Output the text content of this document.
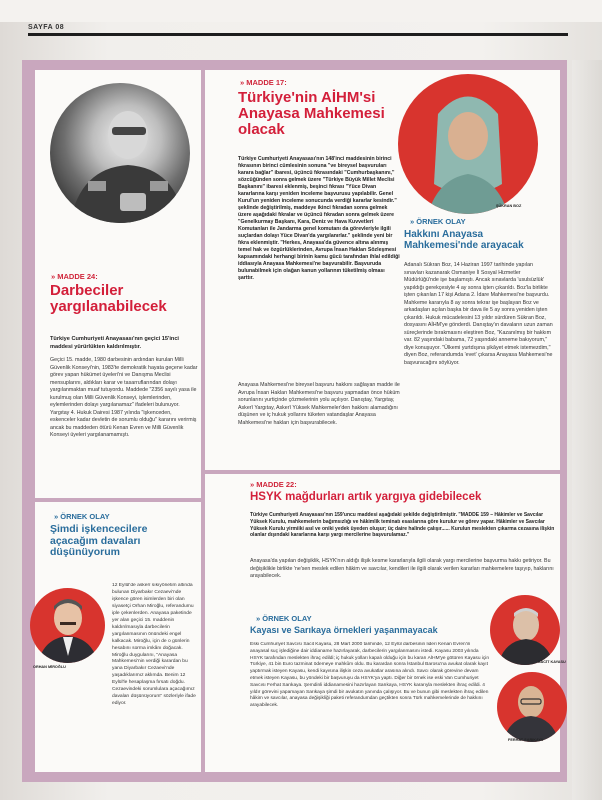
SAYFA 08
» MADDE 24:
Darbeciler yargılanabilecek
Türkiye Cumhuriyeti Anayasası'nın geçici 15'inci maddesi yürürlükten kaldırılmıştır.
Geçici 15. madde, 1980 darbesinin ardından kurulan Milli Güvenlik Konseyi'nin, 1983'te demokratik hayata geçene kadar görev yapan hükümet üyeleri'ni ve Danışma Meclisi mensuplarını, aldıkları karar ve tasarruflarından dolayı yargılanmaktan muaf tutuyordu. Maddede "2356 sayılı yasa ile kurulmuş olan Milli Güvenlik Konseyi, işlemlerinden, eylemlerinden dolayı yargılanamaz" ifadeleri bulunuyor. Yargıtay 4. Hukuk Dairesi 1987 yılında "işkenceden, eskenceler kadar devletin de sorumlu olduğu" kararını verirmiş ancak bu maddeden ötürü Kenan Evren ve Milli Güvenlik Konseyi üyeleri yargılanamamıştı.
» ÖRNEK OLAY
Şimdi işkencecilere açacağım davaları düşünüyorum
ORHAN MİROĞLU
12 Eylül'de askerî sıkıyönetim altında bulunan Diyarbakır Cezaevi'nde işkence gören isimlerden biri olan siyasetçi Orhan Miroğlu, referandumu iple çekenlerden. Anayasa paketinde yer alan geçici 15. maddenin kaldırılmasıyla darbecilerin yargılanmasının önündeki engel kalkacak. Miroğlu, için de o günlerin hesabını sorma imkânı doğacak. Miroğlu duygularını, "Anayasa Mahkemesi'nin verdiği karardan bu yana Diyarbakır Cezaevi'nde yaşadıklarımız aklımda. Benim 12 Eylül'le hesaplaşma fırsatı doğdu. Cezaevindeki sorumlulara açacağımız davaları düşünüyorum" sözleriyle ifade ediyor.
» MADDE 17:
Türkiye'nin AİHM'si Anayasa Mahkemesi olacak
Türkiye Cumhuriyeti Anayasası'nın 148'inci maddesinin birinci fıkrasının birinci cümlesinin sonuna "ve bireysel başvuruları karara bağlar" ibaresi, üçüncü fıkrasındaki "Cumhurbaşkanını," sözcüğünden sonra gelmek üzere "Türkiye Büyük Millet Meclisi Başkanını" ibaresi eklenmiş, beşinci fıkrası "Yüce Divan kararlarına karşı yeniden inceleme başvurusu yapılabilir. Genel Kurul'un yeniden inceleme sonucunda verdiği kararlar kesindir." şeklinde değiştirilmiş, maddeye ikinci fıkradan sonra gelmek üzere aşağıdaki fıkralar ve üçüncü fıkradan sonra gelmek üzere "Genelkurmay Başkanı, Kara, Deniz ve Hava Kuvvetleri Komutanları ile Jandarma genel komutanı da görevleriyle ilgili suçlardan dolayı Yüce Divan'da yargılanırlar." şeklinde yeni bir fıkra eklenmiştir. "Herkes, Anayasa'da güvence altına alınmış temel hak ve özgürlüklerinden, Avrupa İnsan Hakları Sözleşmesi kapsamındaki herhangi birinin kamu gücü tarafından ihlal edildiği iddiasıyla Anayasa Mahkemesi'ne başvurabilir. Başvuruda bulunabilmek için olağan kanun yollarının tüketilmiş olması şarttır.
Anayasa Mahkemesi'ne bireysel başvuru hakkını sağlayan madde ile Avrupa İnsan Hakları Mahkemesi'ne başvuru yapmadan önce hüküm sorunlarını yurtiçinde çözmelerinin yolu açılıyor. Danıştay, Yargıtay, Askerî Yargıtay, Askerî Yüksek Mahkemeler'den hakkını alamadığını düşünen ve iç hukuk yollarını tüketen vatandaşlar Anayasa Mahkemesi'ne hakları için başvurabilecek.
ŞÜKRAN BOZ
» ÖRNEK OLAY
Hakkını Anayasa Mahkemesi'nde arayacak
Adanalı Sükran Boz, 14 Haziran 1997 tarihinde yapılan sınavları kazanarak Osmaniye İl Sosyal Hizmetler Müdürlüğü'nde işe başlamıştı. Ancak sınavlarda 'usulsüzlük' yapıldığı gerekçesiyle 4 ay sonra işten çıkarıldı. Boz'la birlikte işten çıkarılan 17 kişi Adana 2. İdare Mahkemesi'ne başvurdu. Mahkeme kararıyla 8 ay sonra tekrar işe başlayan Boz ve arkadaşları açılan başka bir dava ile 5 ay sonra yeniden işten çıkarıldı. Hukuk mücadelesini 13 yıldır sürdüren Sükran Boz, dosyasını AİHM'ye gönderdi. Danıştay'ın davaların uzun zaman süreçlerinde bırakmasını eleştiren Boz, "Kazanılmış bir hakkım var. 82 yaşındaki babama, 72 yaşındaki anneme bakıyorum," diye konuşuyor. "Ülkemi yurtdışına şikâyet etmek istemezdim," diyen Boz, referandumda 'evet' çıkarsa Anayasa Mahkemesi'ne başvuracağını söylüyor.
» MADDE 22:
HSYK mağdurları artık yargıya gidebilecek
Türkiye Cumhuriyeti Anayasası'nın 159'uncu maddesi aşağıdaki şekilde değiştirilmiştir. "MADDE 159 – Hâkimler ve Savcılar Yüksek Kurulu, mahkemelerin bağımsızlığı ve hâkimlik teminatı esaslarına göre kurulur ve görev yapar. Hâkimler ve Savcılar Yüksek Kurulu yirmiiki asıl ve oniki yedek üyeden oluşur; üç daire halinde çalışır...... Kurulun meslekten çıkarma cezasına ilişkin olanlar dışındaki kararlarına karşı yargı mercilerine başvurulamaz."
Anayasa'da yapılan değişiklik, HSYK'nın aldığı ilişik kesme kararlarıyla ilgili olarak yargı mercilerine başvurma hakkı getiriyor. Bu değişiklikle birlikte 'ne'sen meslek edilen hâkim ve savcılar, kendileri ile ilgili olarak verilen kararları mahkemelere taşıyıp, haklarını arayabilecek.
» ÖRNEK OLAY
Kayası ve Sarıkaya örnekleri yaşanmayacak
Eski Cumhuriyet Savcısı Sacit Kayasu, 28 Mart 2000 tarihinde, 12 Eylül darbesinin lideri Kenan Evren'in anayasal suç işlediğine dair iddianame hazırlayarak, darbecilerin yargılanmasını istedi. Kayasu 2003 yılında HSYK tarafından meslekten ihraç edildi; iç hukuk yolları kapalı olduğu için bu kararı AİHM'ye götüren Kayasu için Türkiye, 41 bin Euro tazminat ödemeye mahkûm oldu. Bu karardan sonra İstanbul Barosu'na avukat olarak kayıt yaptırmak isteyen Kayasu, kendi kayısına ilişkin ceza avukatlar arasına alındı. Savcı olarak görevine devam etmek isteyen Kayasu, bu yöndeki bir başvuruyu da HSYK'ya yaptı. Diğer bir örnek ise eski Van Cumhuriyet Savcısı Ferhat Sarıkaya. Şemdinli iddianamesini hazırlayan Sarıkaya, HSYK kararıyla meslekten ihraç edildi. 4 yıldır görevini yapamayan Sarıkaya şimdi bir avukatın yanında çalışıyor. Bu ve bunun gibi meslekten ihraç edilen hâkim ve savcılar, anayasa değişikliği paketi referandumdan geçtikten sonra Türk mahkemelerinde de hakkını arayabilecek.
SACİT KAYASU
FERHAT SARIKAYA
